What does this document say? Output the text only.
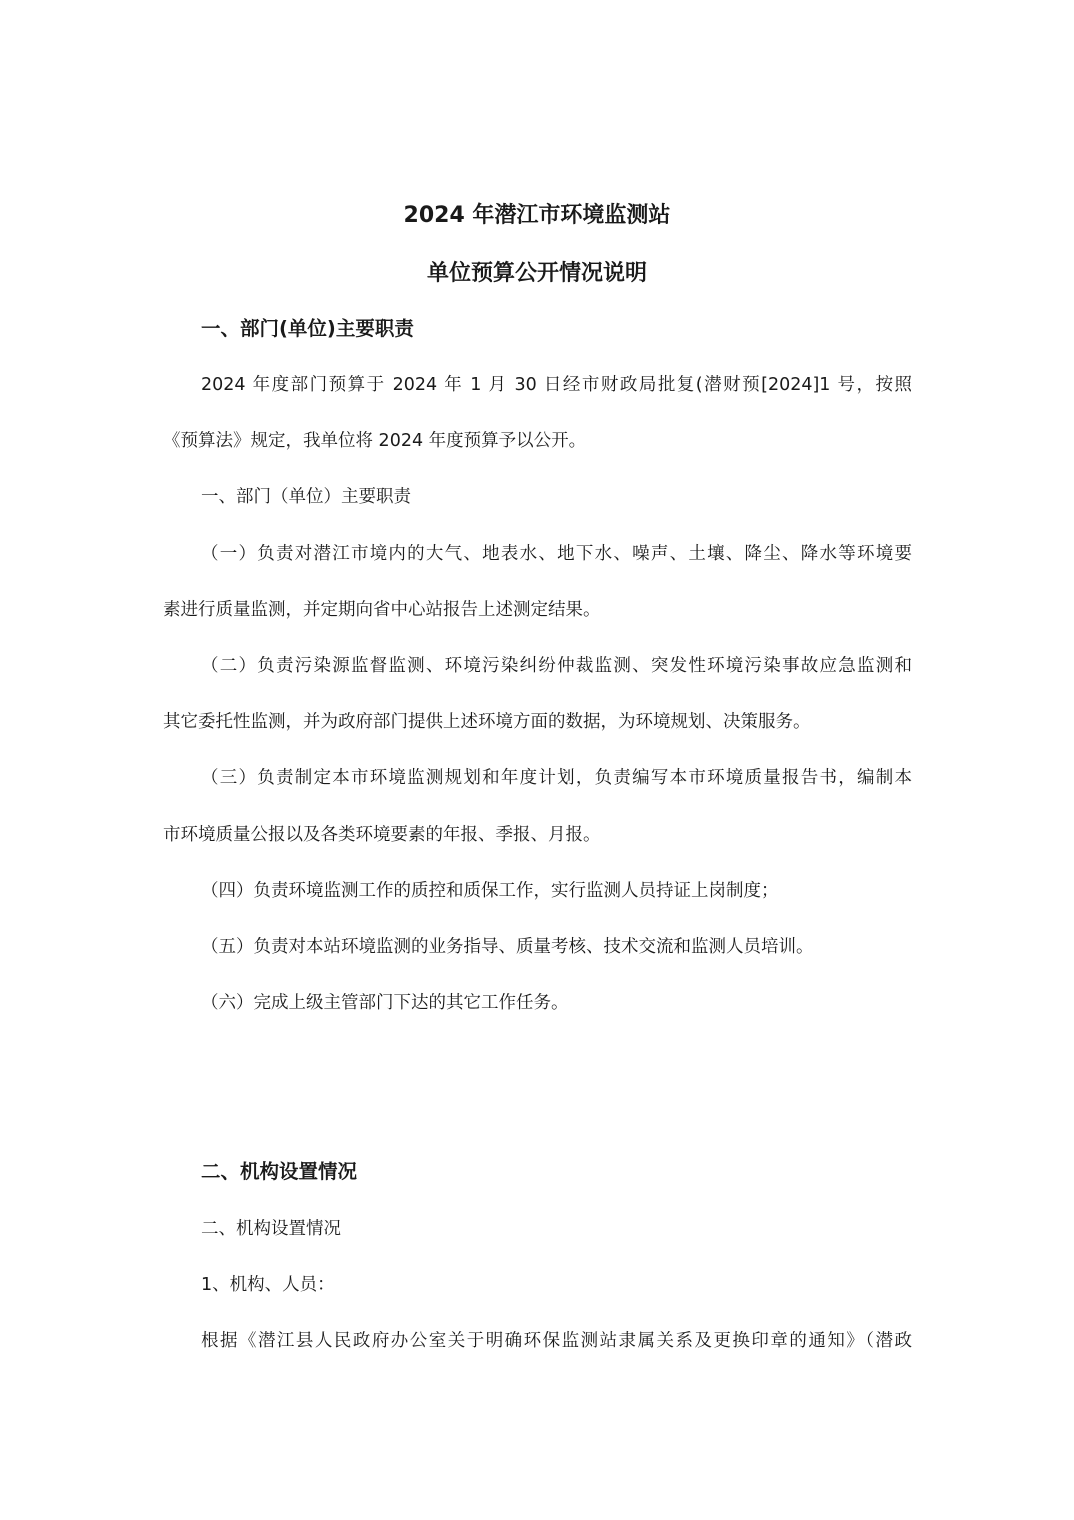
2024 年潜江市环境监测站
单位预算公开情况说明
一、部门(单位)主要职责
2024 年度部门预算于 2024 年 1 月 30 日经市财政局批复(潜财预[2024]1 号，按照
《预算法》规定，我单位将 2024 年度预算予以公开。
一、部门（单位）主要职责
（一）负责对潜江市境内的大气、地表水、地下水、噪声、土壤、降尘、降水等环境要
素进行质量监测，并定期向省中心站报告上述测定结果。
（二）负责污染源监督监测、环境污染纠纷仲裁监测、突发性环境污染事故应急监测和
其它委托性监测，并为政府部门提供上述环境方面的数据，为环境规划、决策服务。
（三）负责制定本市环境监测规划和年度计划，负责编写本市环境质量报告书，编制本
市环境质量公报以及各类环境要素的年报、季报、月报。
（四）负责环境监测工作的质控和质保工作，实行监测人员持证上岗制度；
（五）负责对本站环境监测的业务指导、质量考核、技术交流和监测人员培训。
（六）完成上级主管部门下达的其它工作任务。
二、机构设置情况
二、机构设置情况
1、机构、人员：
根据《潜江县人民政府办公室关于明确环保监测站隶属关系及更换印章的通知》（潜政
